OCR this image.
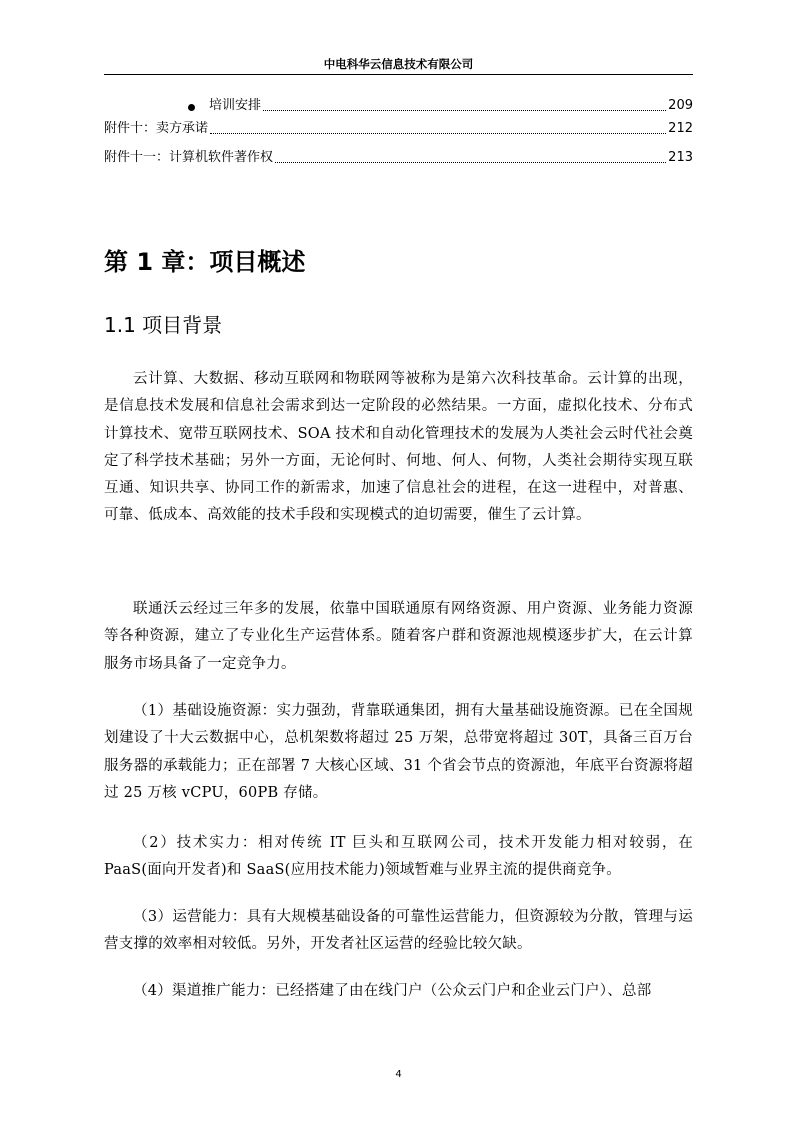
中电科华云信息技术有限公司
培训安排	209
附件十：卖方承诺	212
附件十一：计算机软件著作权	213
第 1 章：项目概述
1.1 项目背景

云计算、大数据、移动互联网和物联网等被称为是第六次科技革命。云计算的出现，是信息技术发展和信息社会需求到达一定阶段的必然结果。一方面，虚拟化技术、分布式计算技术、宽带互联网技术、SOA 技术和自动化管理技术的发展为人类社会云时代社会奠定了科学技术基础；另外一方面，无论何时、何地、何人、何物，人类社会期待实现互联互通、知识共享、协同工作的新需求，加速了信息社会的进程，在这一进程中，对普惠、可靠、低成本、高效能的技术手段和实现模式的迫切需要，催生了云计算。

联通沃云经过三年多的发展，依靠中国联通原有网络资源、用户资源、业务能力资源等各种资源，建立了专业化生产运营体系。随着客户群和资源池规模逐步扩大，在云计算服务市场具备了一定竞争力。

（1）基础设施资源：实力强劲，背靠联通集团，拥有大量基础设施资源。已在全国规划建设了十大云数据中心，总机架数将超过 25 万架，总带宽将超过 30T，具备三百万台服务器的承载能力；正在部署 7 大核心区域、31 个省会节点的资源池，年底平台资源将超过 25 万核 vCPU，60PB 存储。

（2）技术实力：相对传统 IT 巨头和互联网公司，技术开发能力相对较弱，在 PaaS(面向开发者)和 SaaS(应用技术能力)领域暂难与业界主流的提供商竞争。

（3）运营能力：具有大规模基础设备的可靠性运营能力，但资源较为分散，管理与运营支撑的效率相对较低。另外，开发者社区运营的经验比较欠缺。

（4）渠道推广能力：已经搭建了由在线门户（公众云门户和企业云门户）、总部

4
